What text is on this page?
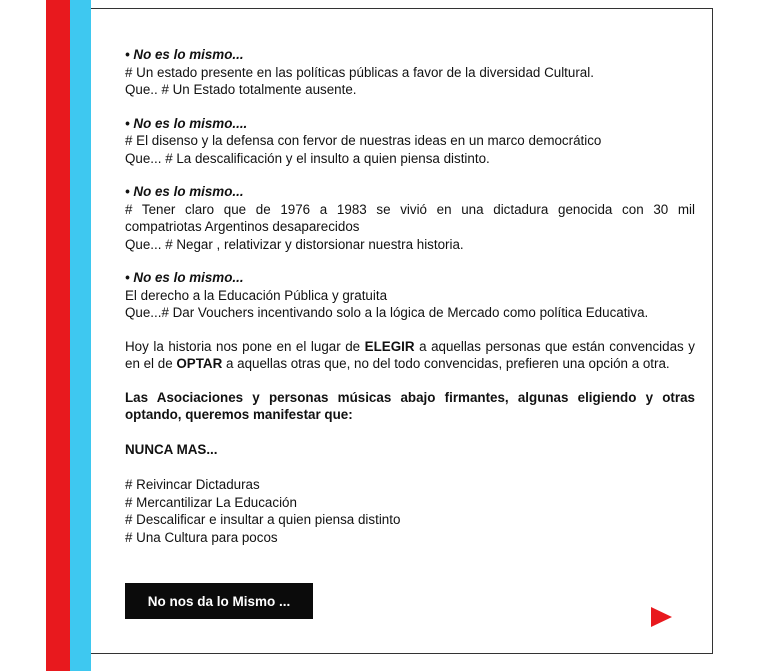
• No es lo mismo...
# Un estado presente en las políticas públicas a favor de la diversidad Cultural.
Que.. # Un Estado totalmente ausente.
• No es lo mismo....
# El disenso y la defensa con fervor de nuestras ideas en un marco democrático
Que... # La descalificación y el insulto a quien piensa distinto.
• No es lo mismo...
# Tener claro que de 1976 a 1983 se vivió en una dictadura genocida con 30 mil
compatriotas Argentinos desaparecidos
Que... # Negar , relativizar y distorsionar nuestra historia.
• No es lo mismo...
El derecho a la Educación Pública y gratuita
Que...# Dar Vouchers incentivando solo a la lógica de Mercado como política Educativa.
Hoy la historia nos pone en el lugar de ELEGIR a aquellas personas que están convencidas y en el de OPTAR a aquellas otras que, no del todo convencidas, prefieren una opción a otra.
Las Asociaciones y personas músicas abajo firmantes, algunas eligiendo y otras optando, queremos manifestar que:
NUNCA MAS...
# Reivincar Dictaduras
# Mercantilizar La Educación
# Descalificar e insultar a quien piensa distinto
# Una Cultura para pocos
No nos da lo Mismo ...
